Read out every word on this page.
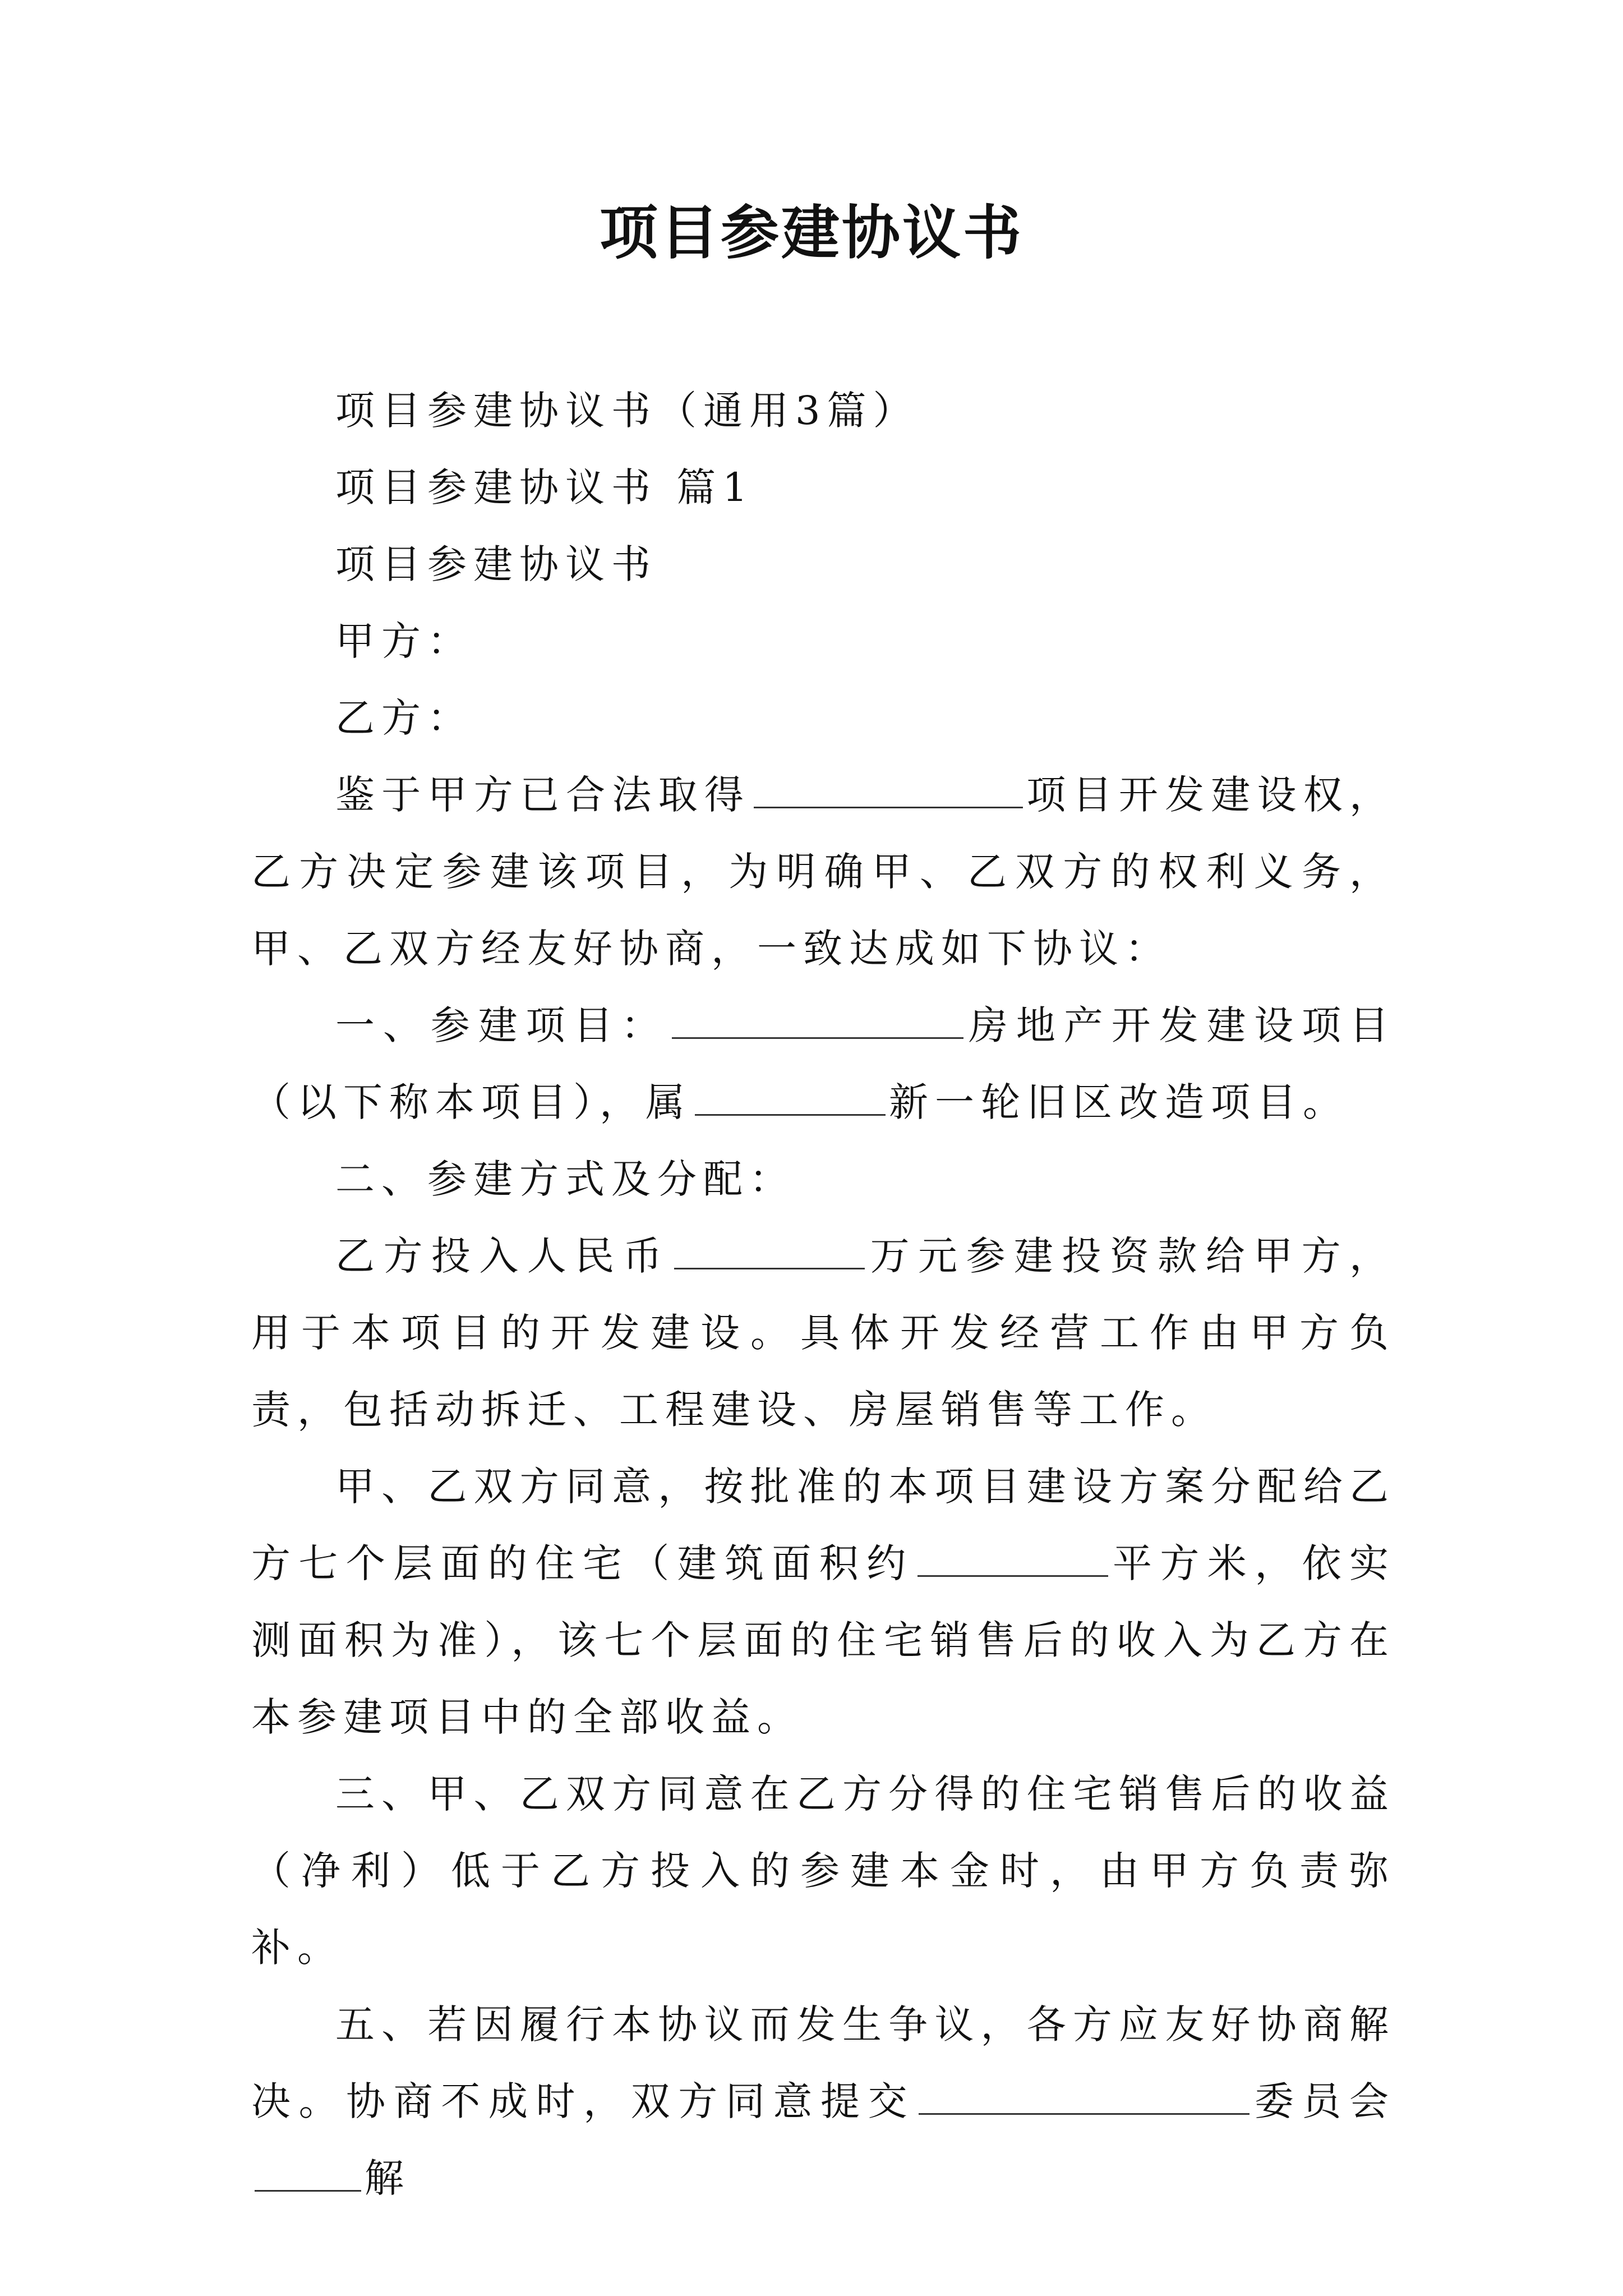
项目参建协议书

项目参建协议书（通用3篇）

项目参建协议书 篇1

项目参建协议书

甲方：

乙方：

鉴于甲方已合法取得	项目开发建设权，乙方决定参建该项目，为明确甲、乙双方的权利义务，甲、乙双方经友好协商，一致达成如下协议：

一、参建项目：	房地产开发建设项目（以下称本项目），属	新一轮旧区改造项目。

二、参建方式及分配：

乙方投入人民币	万元参建投资款给甲方，用于本项目的开发建设。具体开发经营工作由甲方负责，包括动拆迁、工程建设、房屋销售等工作。

甲、乙双方同意，按批准的本项目建设方案分配给乙方七个层面的住宅（建筑面积约	平方米，依实测面积为准），该七个层面的住宅销售后的收入为乙方在本参建项目中的全部收益。

三、甲、乙双方同意在乙方分得的住宅销售后的收益（净利）低于乙方投入的参建本金时，由甲方负责弥补。

五、若因履行本协议而发生争议，各方应友好协商解决。协商不成时，双方同意提交	委员会解
